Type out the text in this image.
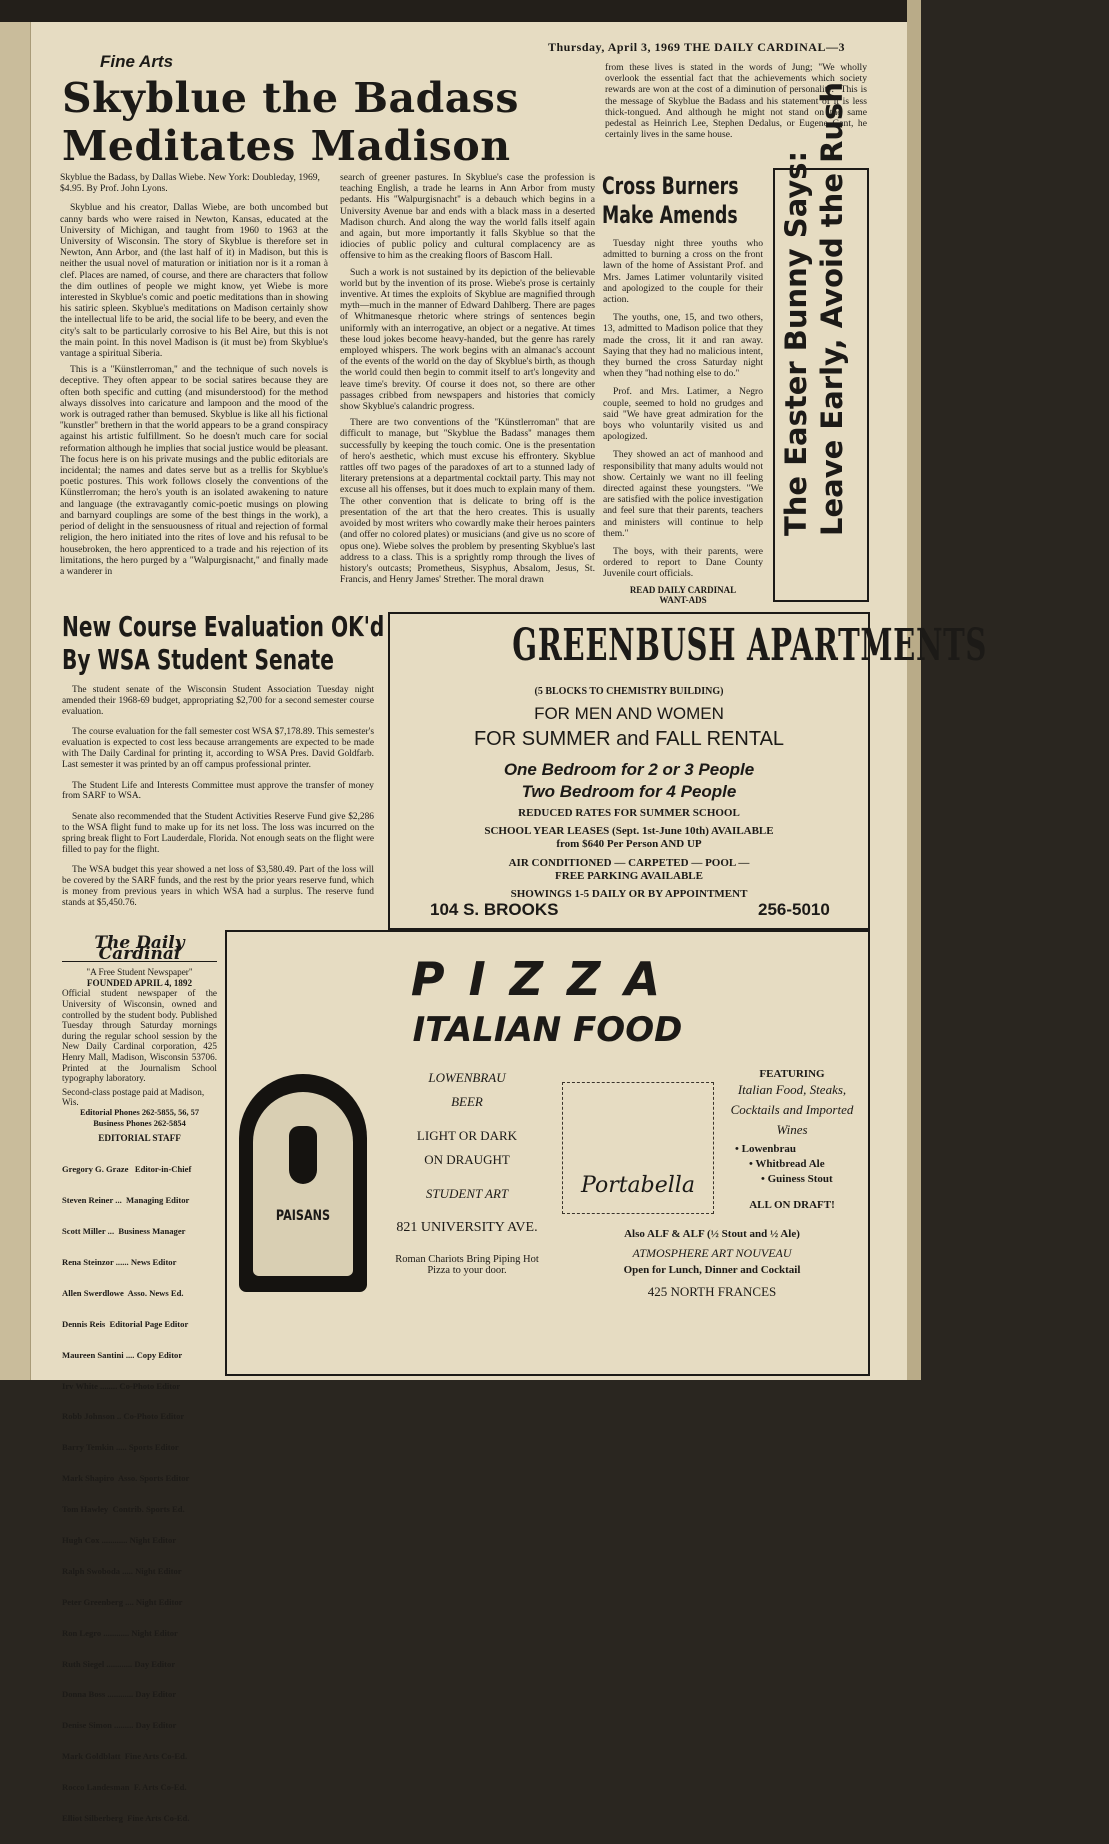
Thursday, April 3, 1969 THE DAILY CARDINAL—3
Fine Arts
Skyblue the Badass
Meditates Madison

Skyblue the Badass, by Dallas Wiebe. New York: Doubleday, 1969, $4.95. By Prof. John Lyons.

Skyblue and his creator, Dallas Wiebe, are both uncombed but canny bards who were raised in Newton, Kansas, educated at the University of Michigan, and taught from 1960 to 1963 at the University of Wisconsin. The story of Skyblue is therefore set in Newton, Ann Arbor, and (the last half of it) in Madison, but this is neither the usual novel of maturation or initiation nor is it a roman à clef. Places are named, of course, and there are characters that follow the dim outlines of people we might know, yet Wiebe is more interested in Skyblue's comic and poetic meditations than in showing his satiric spleen. Skyblue's meditations on Madison certainly show the intellectual life to be arid, the social life to be beery, and even the city's salt to be particularly corrosive to his Bel Aire, but this is not the main point. In this novel Madison is (it must be) from Skyblue's vantage a spiritual Siberia.

This is a ''Künstlerroman,'' and the technique of such novels is deceptive. They often appear to be social satires because they are often both specific and cutting (and misunderstood) for the method always dissolves into caricature and lampoon and the mood of the work is outraged rather than bemused. Skyblue is like all his fictional ''kunstler'' brethern in that the world appears to be a grand conspiracy against his artistic fulfillment. So he doesn't much care for social reformation although he implies that social justice would be pleasant. The focus here is on his private musings and the public editorials are incidental; the names and dates serve but as a trellis for Skyblue's poetic postures. This work follows closely the conventions of the Künstlerroman; the hero's youth is an isolated awakening to nature and language (the extravagantly comic-poetic musings on plowing and barnyard couplings are some of the best things in the work), a period of delight in the sensuousness of ritual and rejection of formal religion, the hero initiated into the rites of love and his refusal to be housebroken, the hero apprenticed to a trade and his rejection of its limitations, the hero purged by a "Walpurgisnacht," and finally made a wanderer in

search of greener pastures. In Skyblue's case the profession is teaching English, a trade he learns in Ann Arbor from musty pedants. His ''Walpurgisnacht'' is a debauch which begins in a University Avenue bar and ends with a black mass in a deserted Madison church. And along the way the world falls itself again and again, but more importantly it falls Skyblue so that the idiocies of public policy and cultural complacency are as offensive to him as the creaking floors of Bascom Hall.

Such a work is not sustained by its depiction of the believable world but by the invention of its prose. Wiebe's prose is certainly inventive. At times the exploits of Skyblue are magnified through myth—much in the manner of Edward Dahlberg. There are pages of Whitmanesque rhetoric where strings of sentences begin uniformly with an interrogative, an object or a negative. At times these loud jokes become heavy-handed, but the genre has rarely employed whispers. The work begins with an almanac's account of the events of the world on the day of Skyblue's birth, as though the world could then begin to commit itself to art's longevity and leave time's brevity. Of course it does not, so there are other passages cribbed from newspapers and histories that comicly show Skyblue's calandric progress.

There are two conventions of the ''Künstlerroman'' that are difficult to manage, but ''Skyblue the Badass'' manages them successfully by keeping the touch comic. One is the presentation of hero's aesthetic, which must excuse his effrontery. Skyblue rattles off two pages of the paradoxes of art to a stunned lady of literary pretensions at a departmental cocktail party. This may not excuse all his offenses, but it does much to explain many of them. The other convention that is delicate to bring off is the presentation of the art that the hero creates. This is usually avoided by most writers who cowardly make their heroes painters (and offer no colored plates) or musicians (and give us no score of opus one). Wiebe solves the problem by presenting Skyblue's last address to a class. This is a sprightly romp through the lives of history's outcasts; Prometheus, Sisyphus, Absalom, Jesus, St. Francis, and Henry James' Strether. The moral drawn

from these lives is stated in the words of Jung; "We wholly overlook the essential fact that the achievements which society rewards are won at the cost of a diminution of personality." This is the message of Skyblue the Badass and his statement of it is less thick-tongued. And although he might not stand on the same pedestal as Heinrich Lee, Stephen Dedalus, or Eugene Gant, he certainly lives in the same house.

Cross Burners
Make Amends

Tuesday night three youths who admitted to burning a cross on the front lawn of the home of Assistant Prof. and Mrs. James Latimer voluntarily visited and apologized to the couple for their action.

The youths, one, 15, and two others, 13, admitted to Madison police that they made the cross, lit it and ran away. Saying that they had no malicious intent, they burned the cross Saturday night when they ''had nothing else to do.''

Prof. and Mrs. Latimer, a Negro couple, seemed to hold no grudges and said "We have great admiration for the boys who voluntarily visited us and apologized.

They showed an act of manhood and responsibility that many adults would not show. Certainly we want no ill feeling directed against these youngsters. "We are satisfied with the police investigation and feel sure that their parents, teachers and ministers will continue to help them."

The boys, with their parents, were ordered to report to Dane County Juvenile court officials.

READ DAILY CARDINAL
WANT-ADS
The Easter Bunny Says: Leave Early, Avoid the Rush
New Course Evaluation OK'd
By WSA Student Senate

The student senate of the Wisconsin Student Association Tuesday night amended their 1968-69 budget, appropriating $2,700 for a second semester course evaluation.

The course evaluation for the fall semester cost WSA $7,178.89. This semester's evaluation is expected to cost less because arrangements are expected to be made with The Daily Cardinal for printing it, according to WSA Pres. David Goldfarb. Last semester it was printed by an off campus professional printer.

The Student Life and Interests Committee must approve the transfer of money from SARF to WSA.

Senate also recommended that the Student Activities Reserve Fund give $2,286 to the WSA flight fund to make up for its net loss. The loss was incurred on the spring break flight to Fort Lauderdale, Florida. Not enough seats on the flight were filled to pay for the flight.

The WSA budget this year showed a net loss of $3,580.49. Part of the loss will be covered by the SARF funds, and the rest by the prior years reserve fund, which is money from previous years in which WSA had a surplus. The reserve fund stands at $5,450.76.

GREENBUSH APARTMENTS
(5 BLOCKS TO CHEMISTRY BUILDING)
FOR MEN AND WOMEN
FOR SUMMER and FALL RENTAL
One Bedroom for 2 or 3 People
Two Bedroom for 4 People
REDUCED RATES FOR SUMMER SCHOOL
SCHOOL YEAR LEASES (Sept. 1st-June 10th) AVAILABLE
from $640 Per Person AND UP
AIR CONDITIONED — CARPETED — POOL —
FREE PARKING AVAILABLE
SHOWINGS 1-5 DAILY OR BY APPOINTMENT
104 S. BROOKS	256-5010
The Daily Cardinal
"A Free Student Newspaper"
FOUNDED APRIL 4, 1892
Official student newspaper of the University of Wisconsin, owned and controlled by the student body. Published Tuesday through Saturday mornings during the regular school session by the New Daily Cardinal corporation, 425 Henry Mall, Madison, Wisconsin 53706. Printed at the Journalism School typography laboratory.
Second-class postage paid at Madison, Wis.
Editorial Phones 262-5855, 56, 57
Business Phones 262-5854
EDITORIAL STAFF

Gregory G. Graze   Editor-in-Chief

Steven Reiner ...  Managing Editor

Scott Miller ...  Business Manager

Rena Steinzor ...... News Editor

Allen Swerdlowe  Asso. News Ed.

Dennis Reis  Editorial Page Editor

Maureen Santini .... Copy Editor

Irv White ........ Co-Photo Editor

Robb Johnson .. Co-Photo Editor

Barry Temkin ..... Sports Editor

Mark Shapiro  Asso. Sports Editor

Tom Hawley  Contrib. Sports Ed.

Hugh Cox ............ Night Editor

Ralph Swoboda ..... Night Editor

Peter Greenberg .... Night Editor

Ron Legro ............ Night Editor

Ruth Siegel ............ Day Editor

Donna Boss ............ Day Editor

Denise Simon ......... Day Editor

Mark Goldblatt  Fine Arts Co-Ed.

Rocco Landesman  F. Arts Co-Ed.

Elliot Silberberg  Fine Arts Co-Ed.

PIZZA
ITALIAN FOOD
PAISANS
LOWENBRAU
BEER
LIGHT OR DARK
ON DRAUGHT
STUDENT ART
821 UNIVERSITY AVE.
Roman Chariots Bring Piping Hot Pizza to your door.
Portabella
FEATURING
Italian Food, Steaks, Cocktails and Imported Wines
• Lowenbrau
• Whitbread Ale
• Guiness Stout
ALL ON DRAFT!
Also ALF & ALF (½ Stout and ½ Ale)
ATMOSPHERE ART NOUVEAU
Open for Lunch, Dinner and Cocktail
425 NORTH FRANCES
